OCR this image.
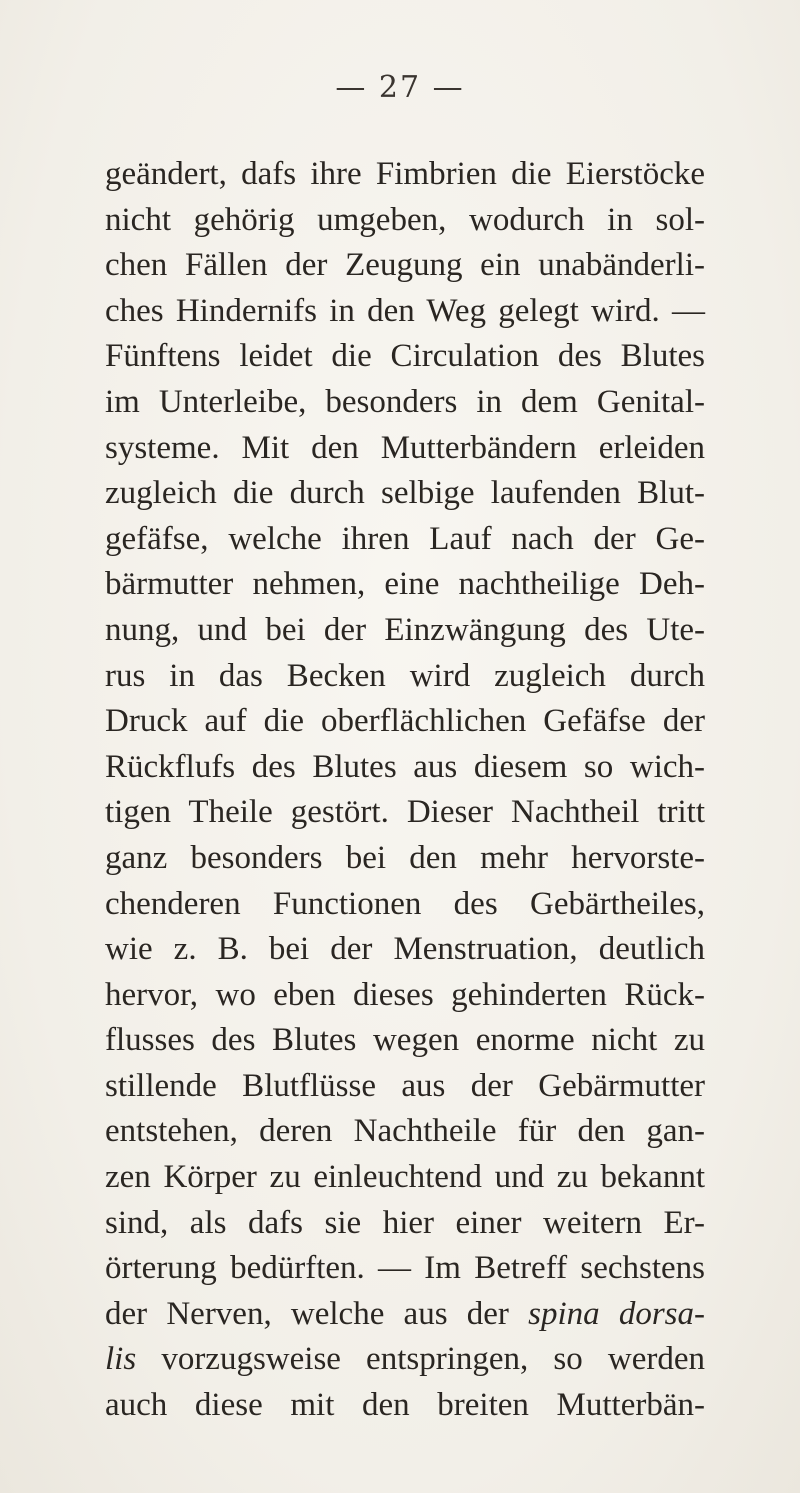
— 27 —
geändert, dafs ihre Fimbrien die Eierstöcke
nicht gehörig umgeben, wodurch in sol-
chen Fällen der Zeugung ein unabänderli-
ches Hindernifs in den Weg gelegt wird. —
Fünftens leidet die Circulation des Blutes
im Unterleibe, besonders in dem Genital-
systeme. Mit den Mutterbändern erleiden
zugleich die durch selbige laufenden Blut-
gefäfse, welche ihren Lauf nach der Ge-
bärmutter nehmen, eine nachtheilige Deh-
nung, und bei der Einzwängung des Ute-
rus in das Becken wird zugleich durch
Druck auf die oberflächlichen Gefäfse der
Rückflufs des Blutes aus diesem so wich-
tigen Theile gestört. Dieser Nachtheil tritt
ganz besonders bei den mehr hervorste-
chenderen Functionen des Gebärtheiles,
wie z. B. bei der Menstruation, deutlich
hervor, wo eben dieses gehinderten Rück-
flusses des Blutes wegen enorme nicht zu
stillende Blutflüsse aus der Gebärmutter
entstehen, deren Nachtheile für den gan-
zen Körper zu einleuchtend und zu bekannt
sind, als dafs sie hier einer weitern Er-
örterung bedürften. — Im Betreff sechstens
der Nerven, welche aus der spina dorsa-
lis vorzugsweise entspringen, so werden
auch diese mit den breiten Mutterbän-
